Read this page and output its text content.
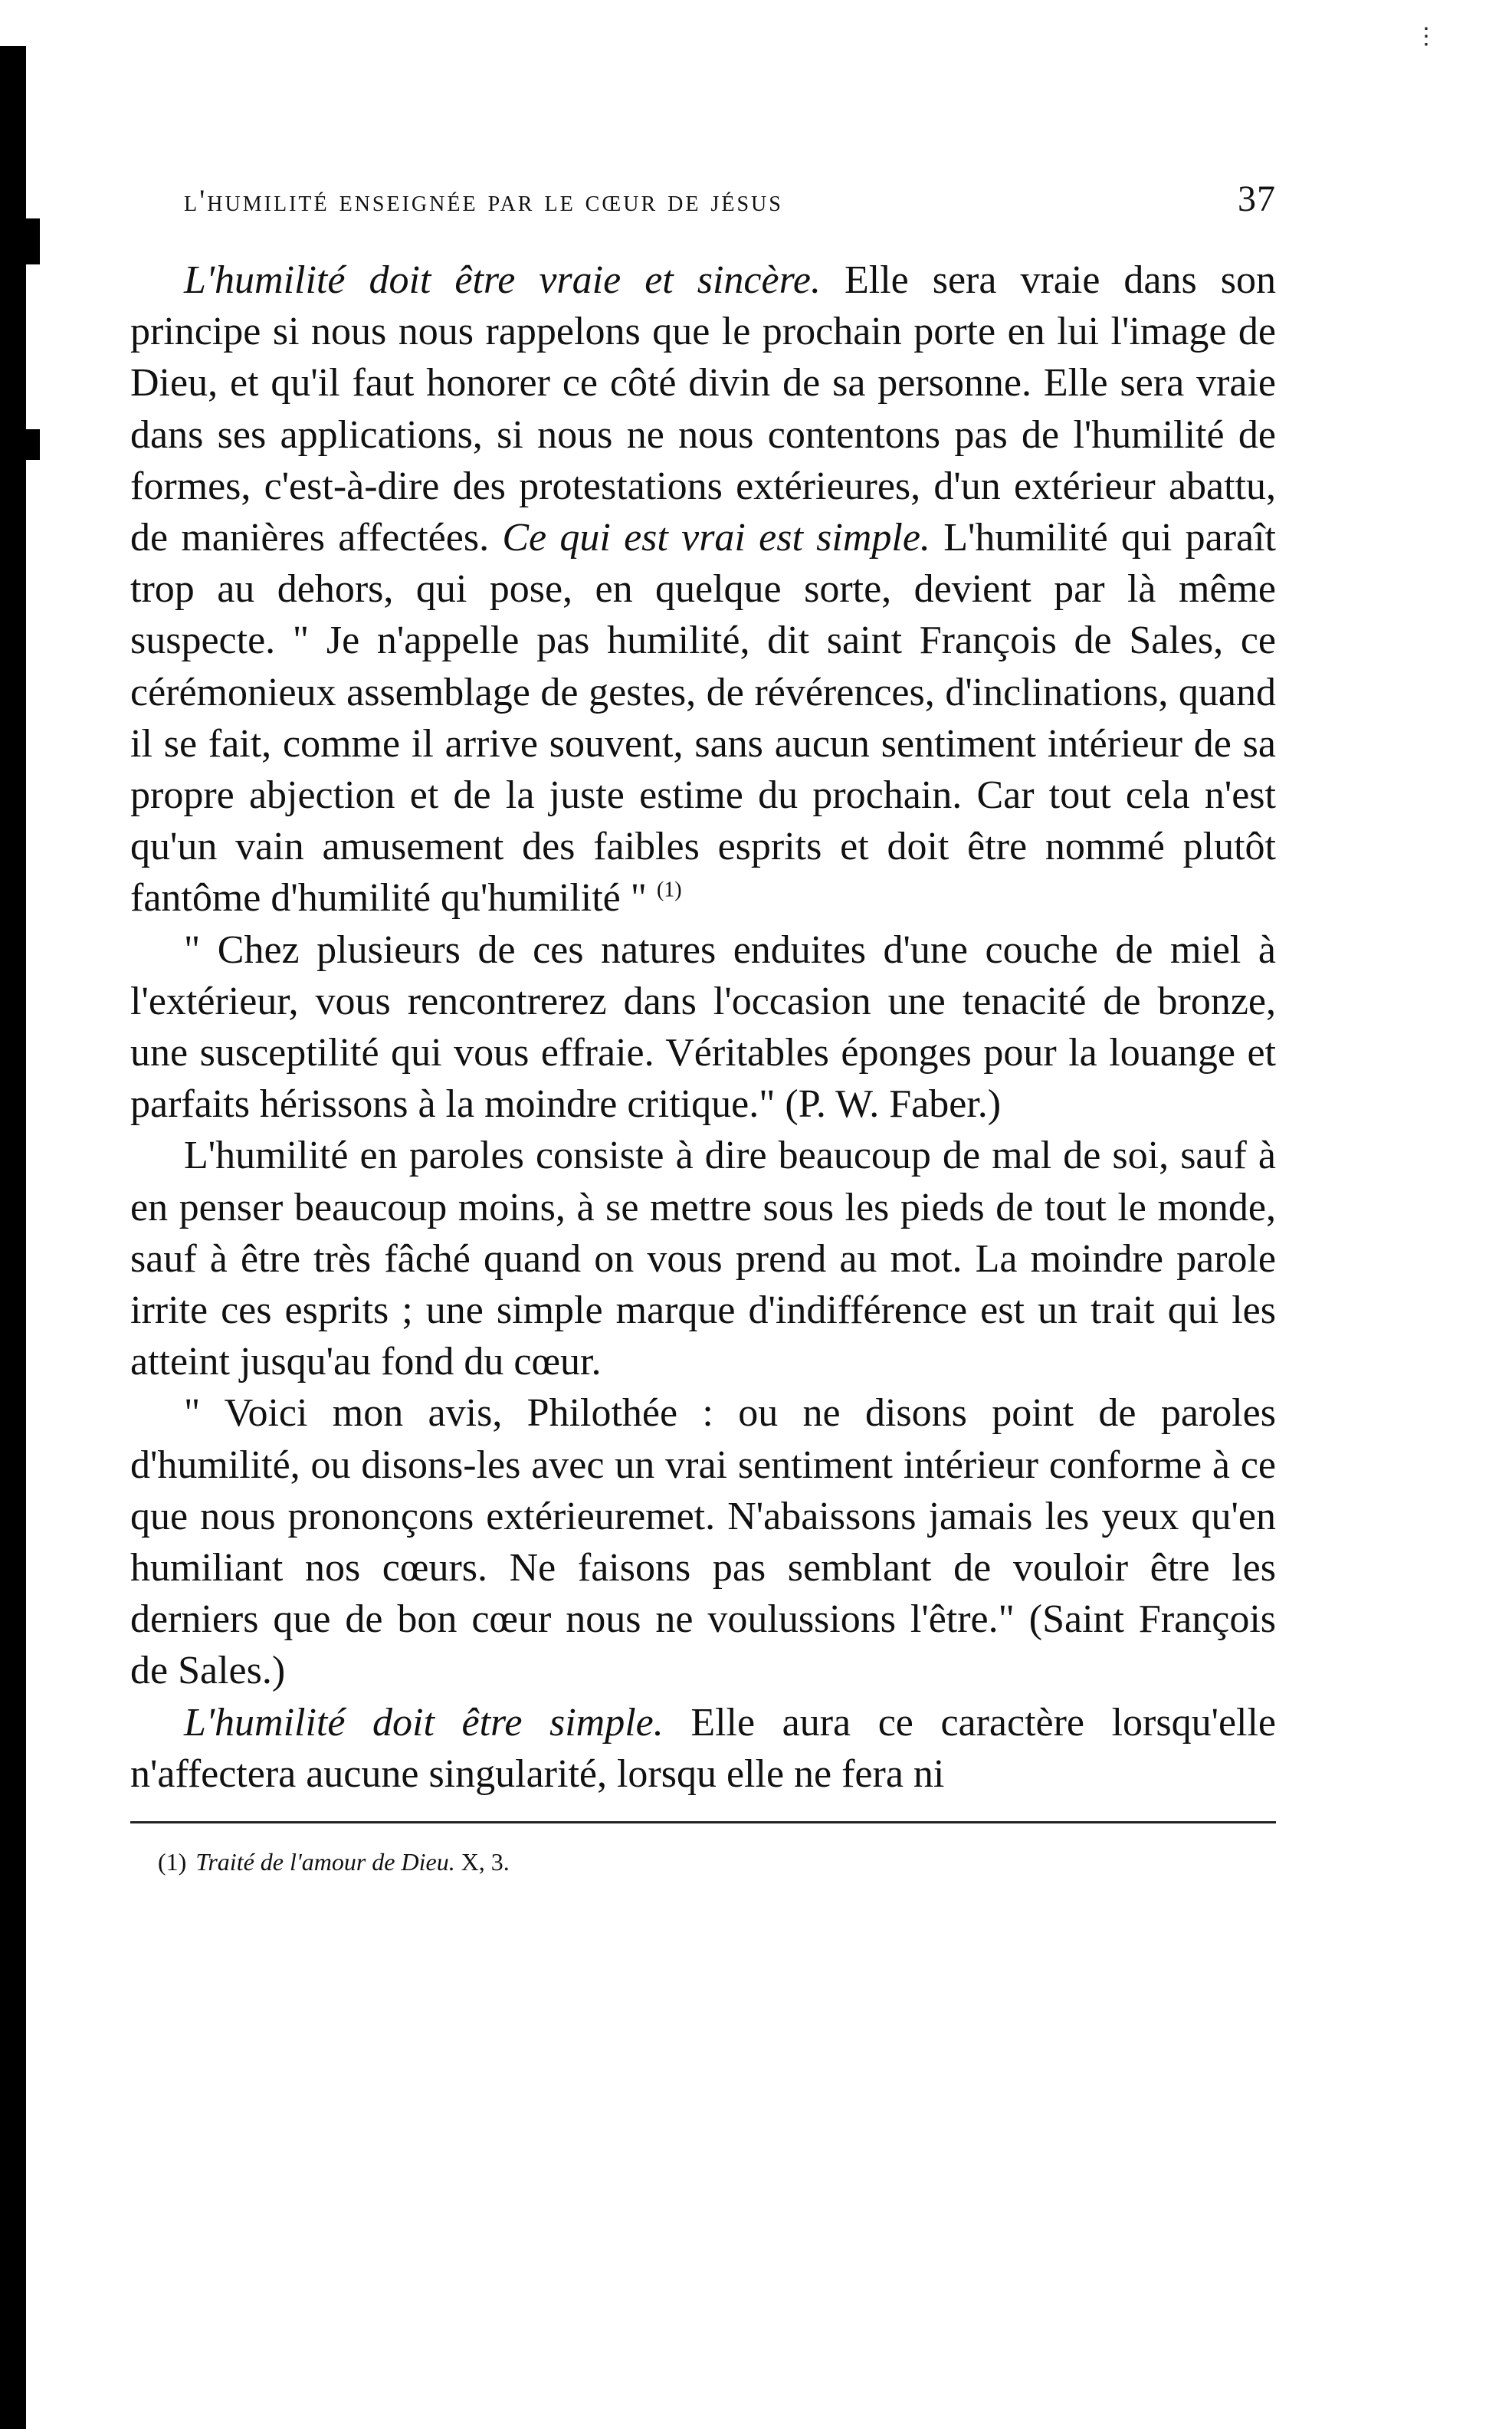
⋮
l'humilité enseignée par le cœur de jésus	37

L'humilité doit être vraie et sincère. Elle sera vraie dans son principe si nous nous rappelons que le prochain porte en lui l'image de Dieu, et qu'il faut honorer ce côté divin de sa personne. Elle sera vraie dans ses applications, si nous ne nous contentons pas de l'humilité de formes, c'est-à-dire des protestations extérieures, d'un extérieur abattu, de manières affectées. Ce qui est vrai est simple. L'humilité qui paraît trop au dehors, qui pose, en quelque sorte, devient par là même suspecte. " Je n'appelle pas humilité, dit saint François de Sales, ce cérémonieux assemblage de gestes, de révérences, d'inclinations, quand il se fait, comme il arrive souvent, sans aucun sentiment intérieur de sa propre abjection et de la juste estime du prochain. Car tout cela n'est qu'un vain amusement des faibles esprits et doit être nommé plutôt fantôme d'humilité qu'humilité " $^{(1)}$

" Chez plusieurs de ces natures enduites d'une couche de miel à l'extérieur, vous rencontrerez dans l'occasion une tenacité de bronze, une susceptilité qui vous effraie. Véritables éponges pour la louange et parfaits hérissons à la moindre critique." (P. W. Faber.)

L'humilité en paroles consiste à dire beaucoup de mal de soi, sauf à en penser beaucoup moins, à se mettre sous les pieds de tout le monde, sauf à être très fâché quand on vous prend au mot. La moindre parole irrite ces esprits ; une simple marque d'indifférence est un trait qui les atteint jusqu'au fond du cœur.

" Voici mon avis, Philothée : ou ne disons point de paroles d'humilité, ou disons-les avec un vrai sentiment intérieur conforme à ce que nous prononçons extérieuremet. N'abaissons jamais les yeux qu'en humiliant nos cœurs. Ne faisons pas semblant de vouloir être les derniers que de bon cœur nous ne voulussions l'être." (Saint François de Sales.)

L'humilité doit être simple. Elle aura ce caractère lorsqu'elle n'affectera aucune singularité, lorsqu elle ne fera ni

(1) Traité de l'amour de Dieu. X, 3.
